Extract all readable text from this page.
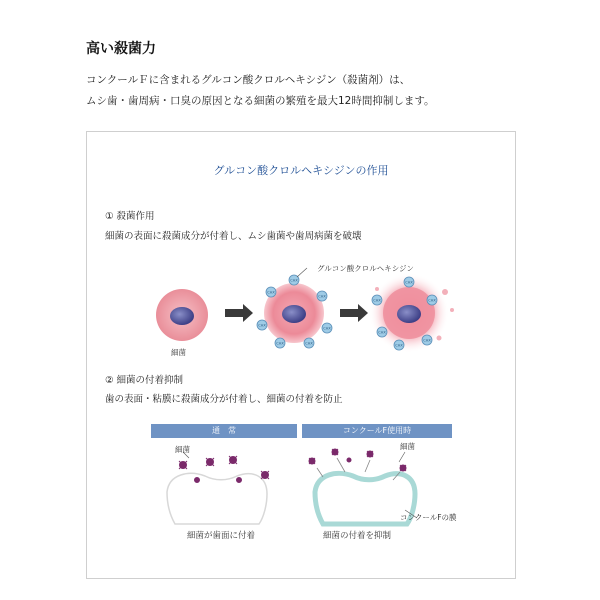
高い殺菌力
コンクールＦに含まれるグルコン酸クロルヘキシジン（殺菌剤）は、
ムシ歯・歯周病・口臭の原因となる細菌の繁殖を最大12時間抑制します。
グルコン酸クロルヘキシジンの作用
① 殺菌作用
細菌の表面に殺菌成分が付着し、ムシ歯菌や歯周病菌を破壊
CHX
CHX
CHX
CHX
CHX	CHX
CHX
CHX	CHX
CHX
CHX
CHX
CHX
グルコン酸クロルヘキシジン
細菌
② 細菌の付着抑制
歯の表面・粘膜に殺菌成分が付着し、細菌の付着を防止
通　常	コンクールF使用時
細菌	細菌
コンクールFの膜
細菌が歯面に付着	細菌の付着を抑制
